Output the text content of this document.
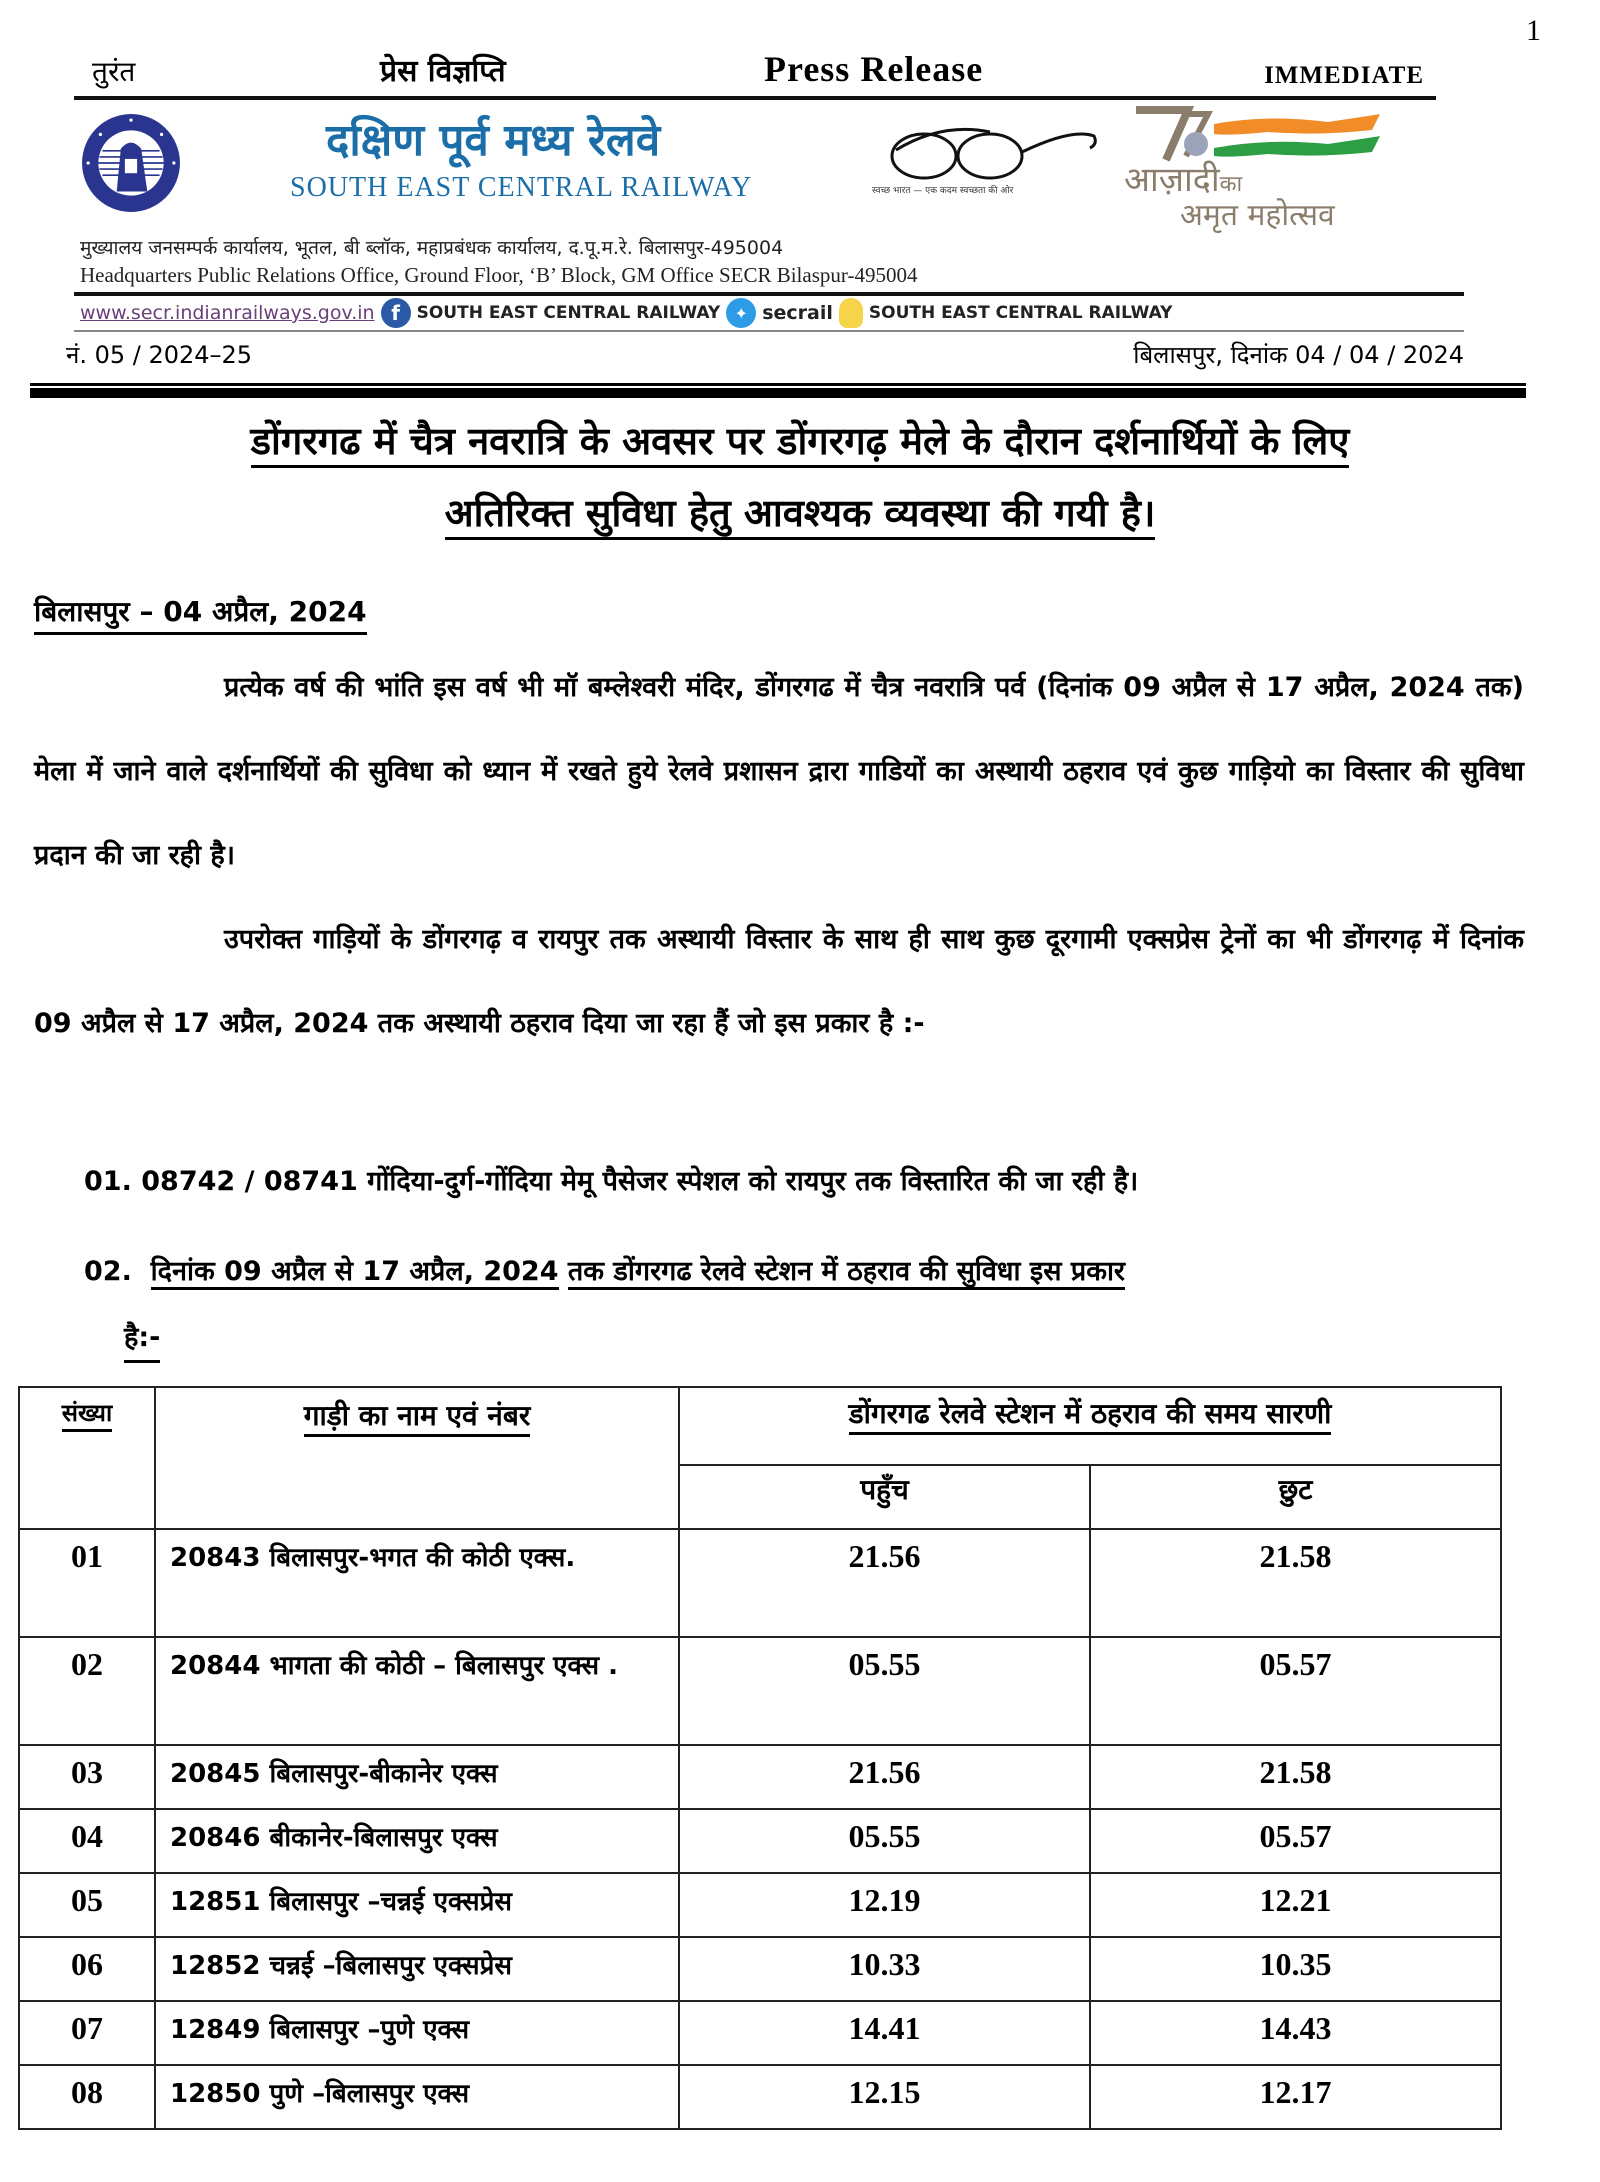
1
तुरंत	प्रेस विज्ञप्ति	Press Release	IMMEDIATE
दक्षिण पूर्व मध्य रेलवे
SOUTH EAST CENTRAL RAILWAY	स्वच्छ भारत — एक कदम स्वच्छता की ओर	आज़ादीका
अमृत महोत्सव
मुख्यालय जनसम्पर्क कार्यालय, भूतल, बी ब्लॉक, महाप्रबंधक कार्यालय, द.पू.म.रे. बिलासपुर-495004
Headquarters Public Relations Office, Ground Floor, ‘B’ Block, GM Office SECR Bilaspur-495004
www.secr.indianrailways.gov.in f SOUTH EAST CENTRAL RAILWAY ✦ secrail SOUTH EAST CENTRAL RAILWAY
नं. 05 / 2024–25	बिलासपुर, दिनांक 04 / 04 / 2024
डोंगरगढ में चैत्र नवरात्रि के अवसर पर डोंगरगढ़ मेले के दौरान दर्शनार्थियों के लिए
अतिरिक्त सुविधा हेतु आवश्यक व्यवस्था की गयी है।
बिलासपुर – 04 अप्रैल, 2024

प्रत्येक वर्ष की भांति इस वर्ष भी मॉ बम्लेश्वरी मंदिर, डोंगरगढ में चैत्र नवरात्रि पर्व (दिनांक 09 अप्रैल से 17 अप्रैल, 2024 तक) मेला में जाने वाले दर्शनार्थियों की सुविधा को ध्यान में रखते हुये रेलवे प्रशासन द्रारा गाडियों का अस्थायी ठहराव एवं कुछ गाड़ियो का विस्तार की सुविधा प्रदान की जा रही है।

उपरोक्त गाड़ियों के डोंगरगढ़ व रायपुर तक अस्थायी विस्तार के साथ ही साथ कुछ दूरगामी एक्सप्रेस ट्रेनों का भी डोंगरगढ़ में दिनांक 09 अप्रैल से 17 अप्रैल, 2024 तक अस्थायी ठहराव दिया जा रहा हैं जो इस प्रकार है :-

01. 08742 / 08741 गोंदिया-दुर्ग-गोंदिया मेमू पैसेजर स्पेशल को रायपुर तक विस्तारित की जा रही है।
02. दिनांक 09 अप्रैल से 17 अप्रैल, 2024 तक डोंगरगढ रेलवे स्टेशन में ठहराव की सुविधा इस प्रकार
है:-
संख्या	गाड़ी का नाम एवं नंबर	डोंगरगढ रेलवे स्टेशन में ठहराव की समय सारणी	
		पहुँच	छुट
01	20843 बिलासपुर-भगत की कोठी एक्स.	21.56	21.58
02	20844 भागता की कोठी – बिलासपुर एक्स .	05.55	05.57
03	20845 बिलासपुर-बीकानेर एक्स	21.56	21.58
04	20846 बीकानेर-बिलासपुर एक्स	05.55	05.57
05	12851 बिलासपुर –चन्नई एक्सप्रेस	12.19	12.21
06	12852 चन्नई –बिलासपुर एक्सप्रेस	10.33	10.35
07	12849 बिलासपुर –पुणे एक्स	14.41	14.43
08	12850 पुणे –बिलासपुर एक्स	12.15	12.17
